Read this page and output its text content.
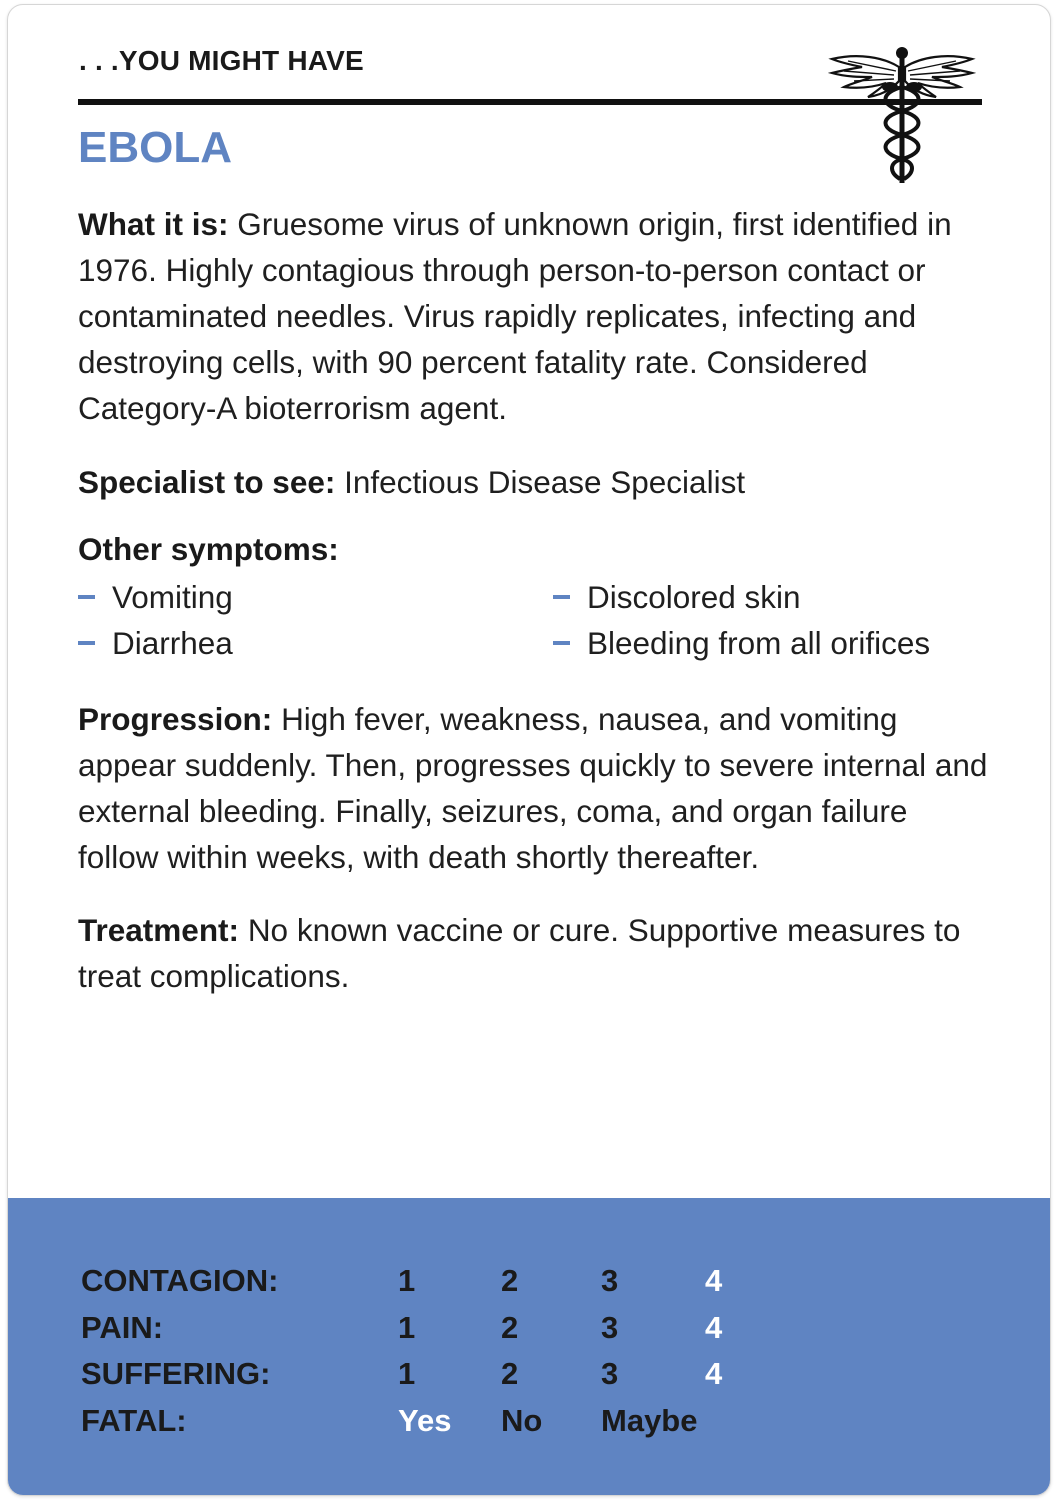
. . .YOU MIGHT HAVE
EBOLA

What it is: Gruesome virus of unknown origin, first identified in 1976. Highly contagious through person-to-person contact or contaminated needles. Virus rapidly replicates, infecting and destroying cells, with 90 percent fatality rate. Considered Category-A bioterrorism agent.

Specialist to see: Infectious Disease Specialist

Other symptoms:
Vomiting
Diarrhea
Discolored skin
Bleeding from all orifices

Progression: High fever, weakness, nausea, and vomiting appear suddenly. Then, progresses quickly to severe internal and external bleeding. Finally, seizures, coma, and organ failure follow within weeks, with death shortly thereafter.

Treatment: No known vaccine or cure. Supportive measures to treat complications.

CONTAGION:	1	2	3	4
PAIN:	1	2	3	4
SUFFERING:	1	2	3	4
FATAL:	Yes No Maybe
